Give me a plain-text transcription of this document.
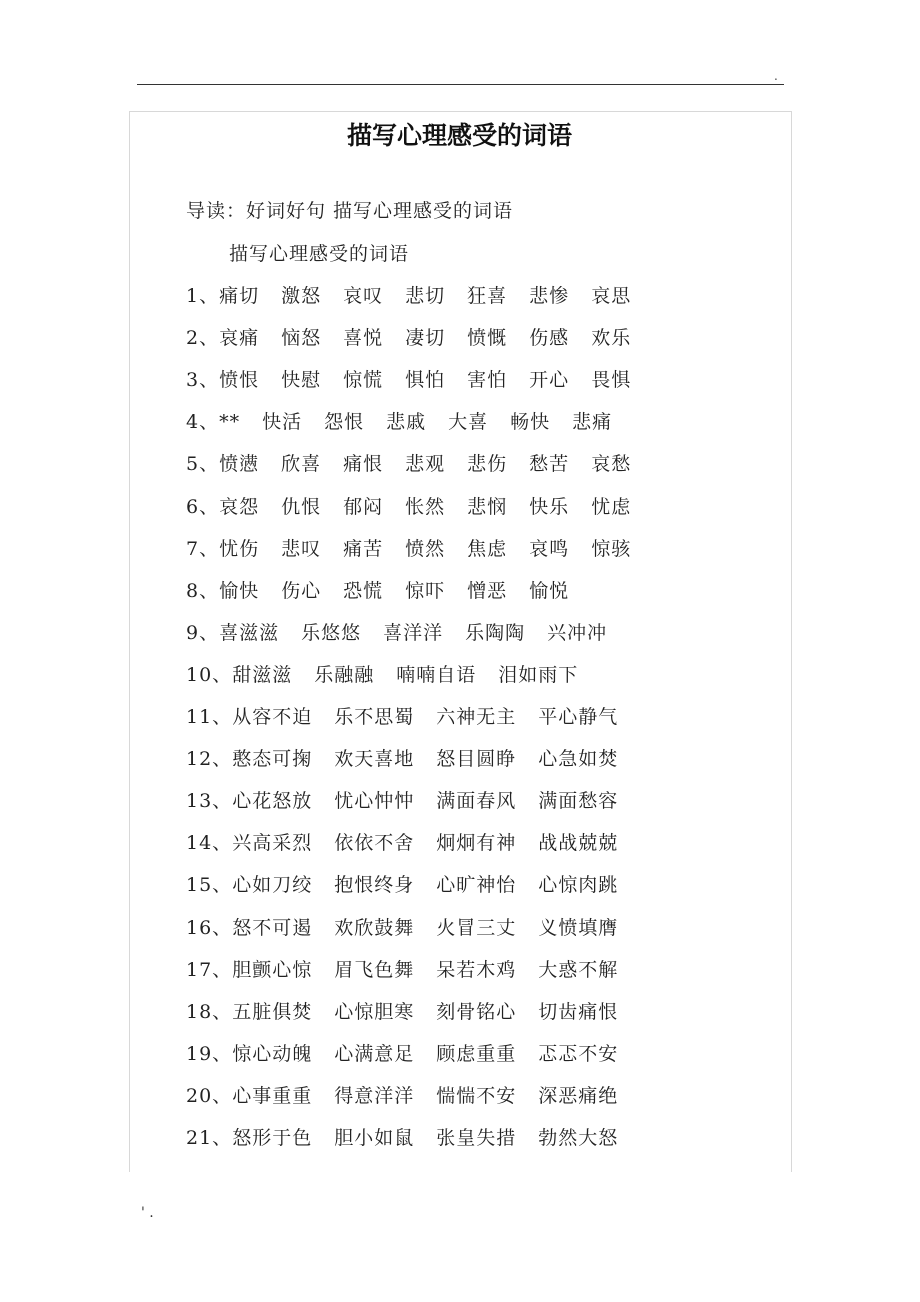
.
描写心理感受的词语
导读：好词好句 描写心理感受的词语
描写心理感受的词语
1、痛切 激怒 哀叹 悲切 狂喜 悲惨 哀思
2、哀痛 恼怒 喜悦 凄切 愤慨 伤感 欢乐
3、愤恨 快慰 惊慌 惧怕 害怕 开心 畏惧
4、** 快活 怨恨 悲戚 大喜 畅快 悲痛
5、愤懑 欣喜 痛恨 悲观 悲伤 愁苦 哀愁
6、哀怨 仇恨 郁闷 怅然 悲悯 快乐 忧虑
7、忧伤 悲叹 痛苦 愤然 焦虑 哀鸣 惊骇
8、愉快 伤心 恐慌 惊吓 憎恶 愉悦
9、喜滋滋 乐悠悠 喜洋洋 乐陶陶 兴冲冲
10、甜滋滋 乐融融 喃喃自语 泪如雨下
11、从容不迫 乐不思蜀 六神无主 平心静气
12、憨态可掬 欢天喜地 怒目圆睁 心急如焚
13、心花怒放 忧心忡忡 满面春风 满面愁容
14、兴高采烈 依依不舍 炯炯有神 战战兢兢
15、心如刀绞 抱恨终身 心旷神怡 心惊肉跳
16、怒不可遏 欢欣鼓舞 火冒三丈 义愤填膺
17、胆颤心惊 眉飞色舞 呆若木鸡 大惑不解
18、五脏俱焚 心惊胆寒 刻骨铭心 切齿痛恨
19、惊心动魄 心满意足 顾虑重重 忑忑不安
20、心事重重 得意洋洋 惴惴不安 深恶痛绝
21、怒形于色 胆小如鼠 张皇失措 勃然大怒
' .
